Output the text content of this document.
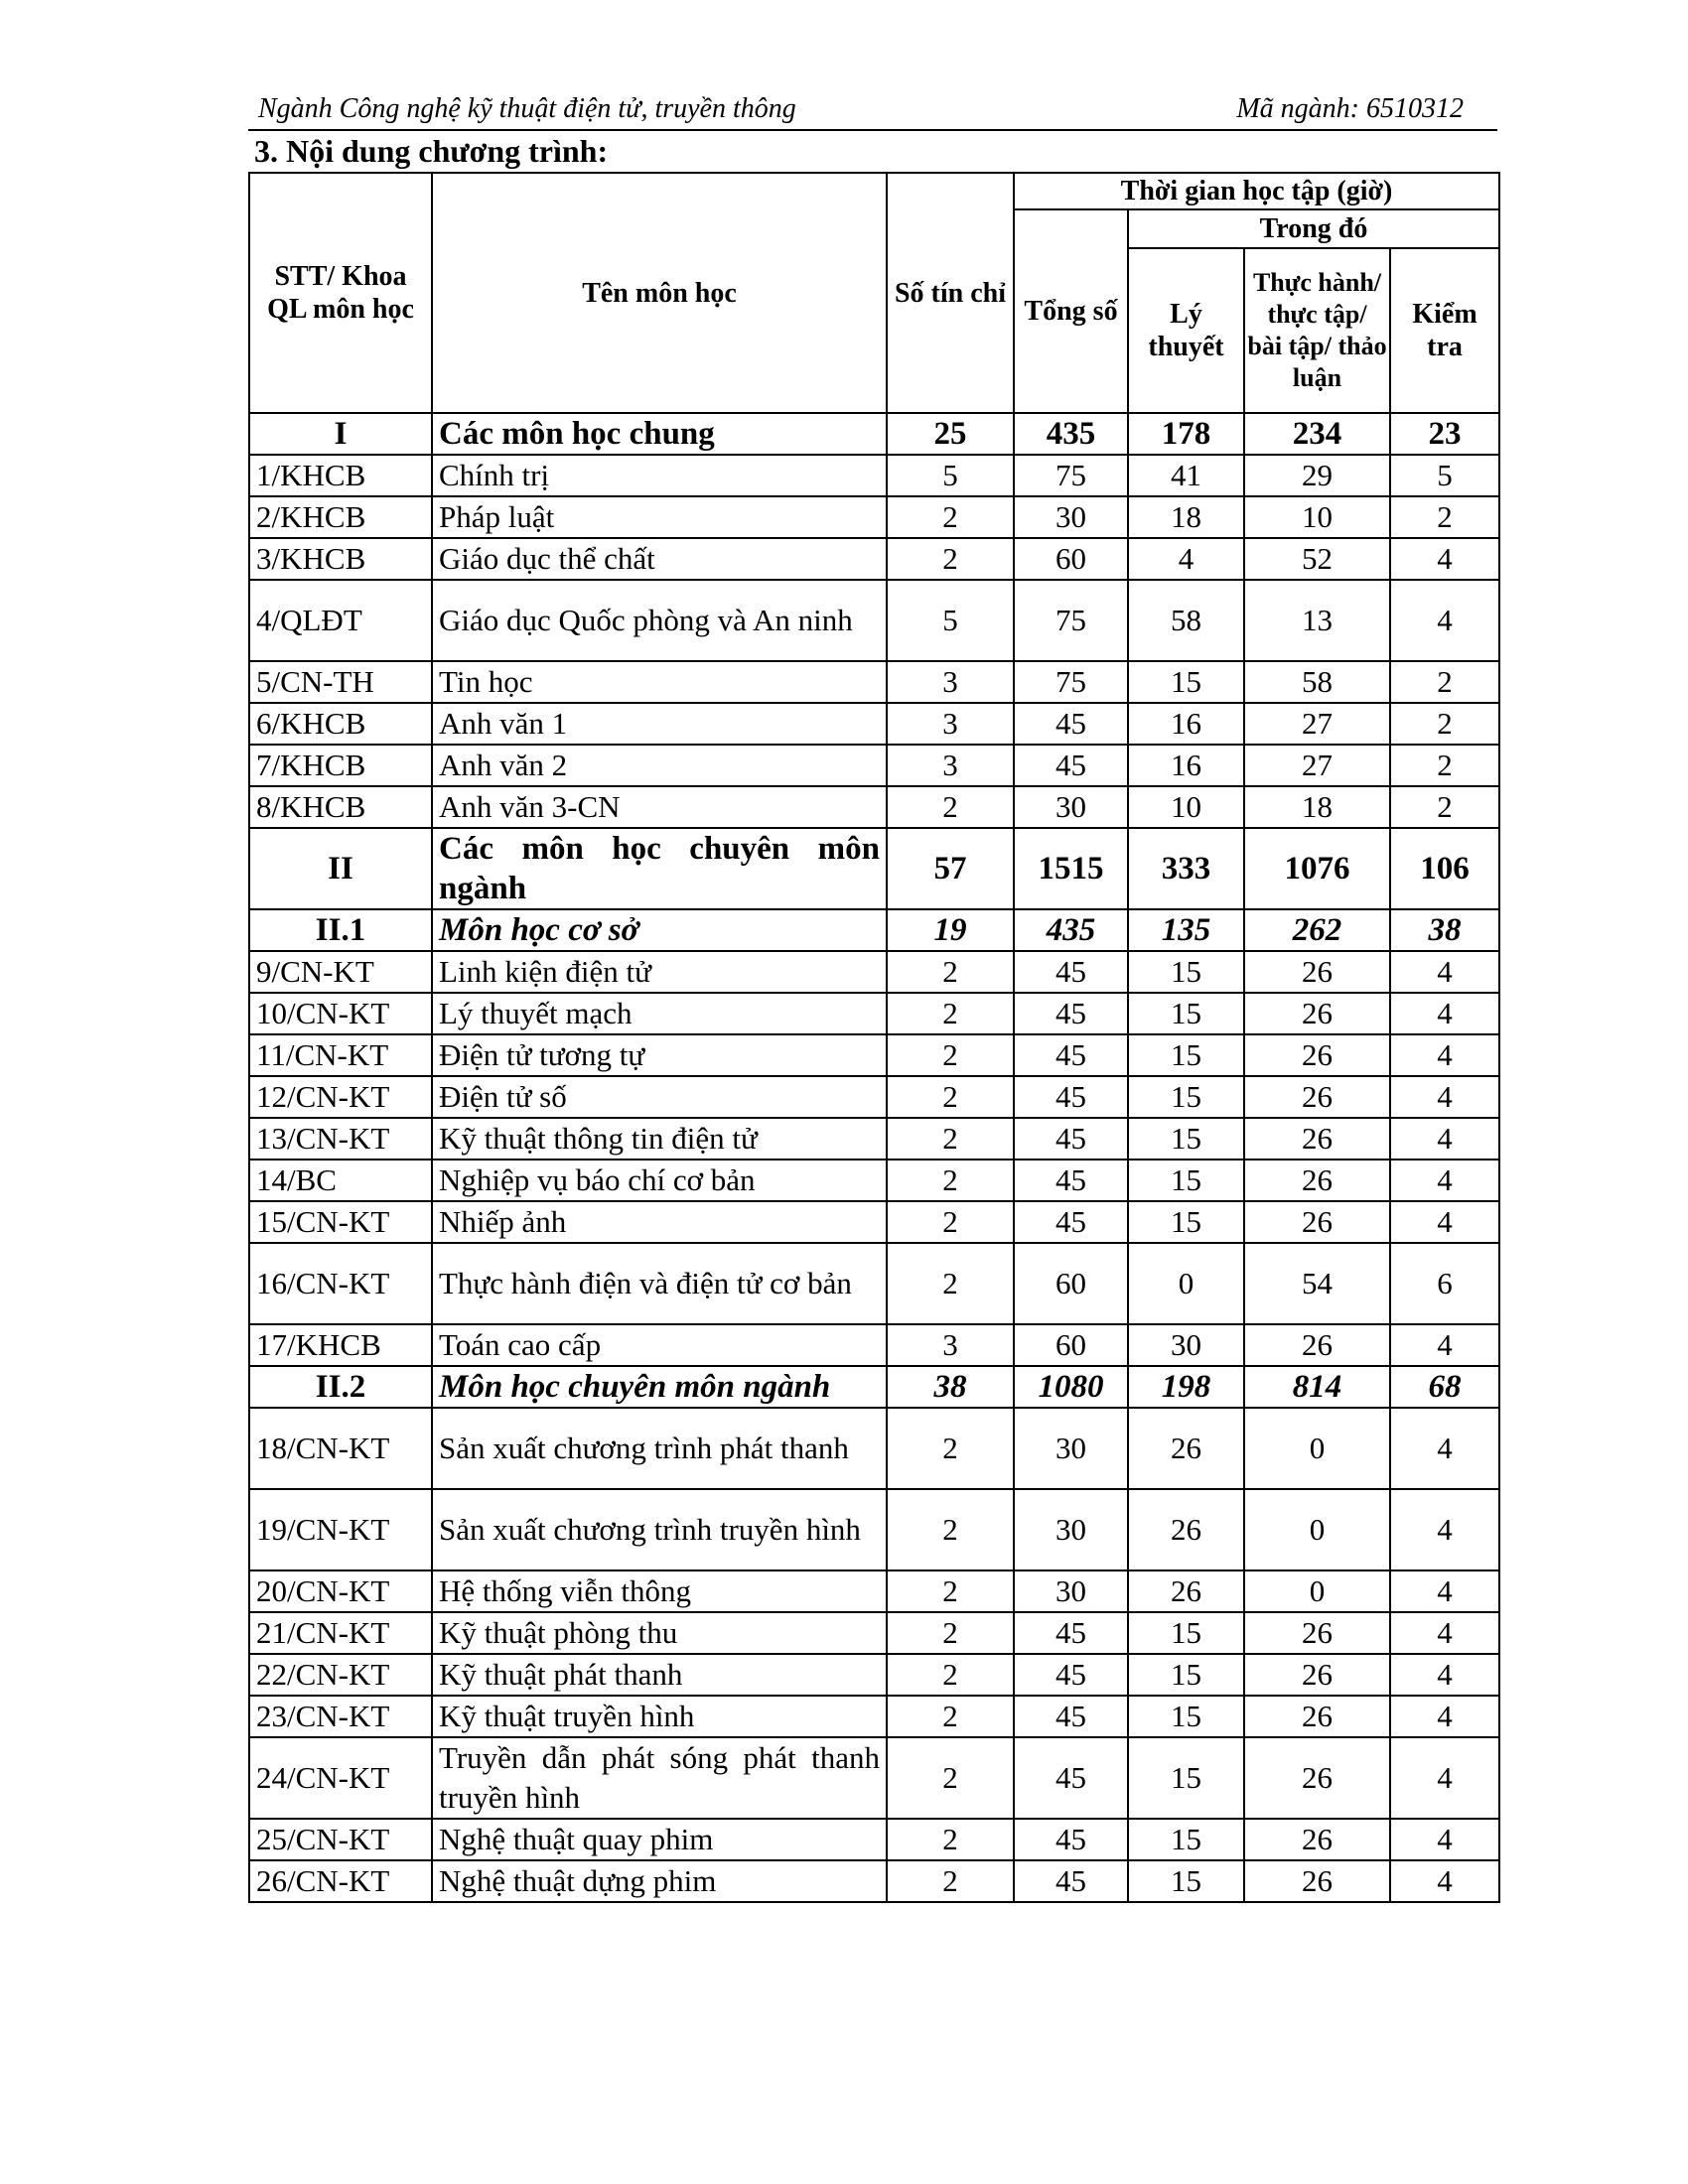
Ngành Công nghệ kỹ thuật điện tử, truyền thông	Mã ngành: 6510312
3. Nội dung chương trình:
STT/ Khoa QL môn học	Tên môn học	Số tín chỉ	Thời gian học tập (giờ)			
			Tổng số	Trong đó		
				Lý thuyết	Thực hành/ thực tập/ bài tập/ thảo luận	Kiểm tra
I	Các môn học chung	25	435	178	234	23
1/KHCB	Chính trị	5	75	41	29	5
2/KHCB	Pháp luật	2	30	18	10	2
3/KHCB	Giáo dục thể chất	2	60	4	52	4
4/QLĐT	Giáo dục Quốc phòng và An ninh	5	75	58	13	4
5/CN-TH	Tin học	3	75	15	58	2
6/KHCB	Anh văn 1	3	45	16	27	2
7/KHCB	Anh văn 2	3	45	16	27	2
8/KHCB	Anh văn 3-CN	2	30	10	18	2
II	Các môn học chuyên môn ngành	57	1515	333	1076	106
II.1	Môn học cơ sở	19	435	135	262	38
9/CN-KT	Linh kiện điện tử	2	45	15	26	4
10/CN-KT	Lý thuyết mạch	2	45	15	26	4
11/CN-KT	Điện tử tương tự	2	45	15	26	4
12/CN-KT	Điện tử số	2	45	15	26	4
13/CN-KT	Kỹ thuật thông tin điện tử	2	45	15	26	4
14/BC	Nghiệp vụ báo chí cơ bản	2	45	15	26	4
15/CN-KT	Nhiếp ảnh	2	45	15	26	4
16/CN-KT	Thực hành điện và điện tử cơ bản	2	60	0	54	6
17/KHCB	Toán cao cấp	3	60	30	26	4
II.2	Môn học chuyên môn ngành	38	1080	198	814	68
18/CN-KT	Sản xuất chương trình phát thanh	2	30	26	0	4
19/CN-KT	Sản xuất chương trình truyền hình	2	30	26	0	4
20/CN-KT	Hệ thống viễn thông	2	30	26	0	4
21/CN-KT	Kỹ thuật phòng thu	2	45	15	26	4
22/CN-KT	Kỹ thuật phát thanh	2	45	15	26	4
23/CN-KT	Kỹ thuật truyền hình	2	45	15	26	4
24/CN-KT	Truyền dẫn phát sóng phát thanh truyền hình	2	45	15	26	4
25/CN-KT	Nghệ thuật quay phim	2	45	15	26	4
26/CN-KT	Nghệ thuật dựng phim	2	45	15	26	4
